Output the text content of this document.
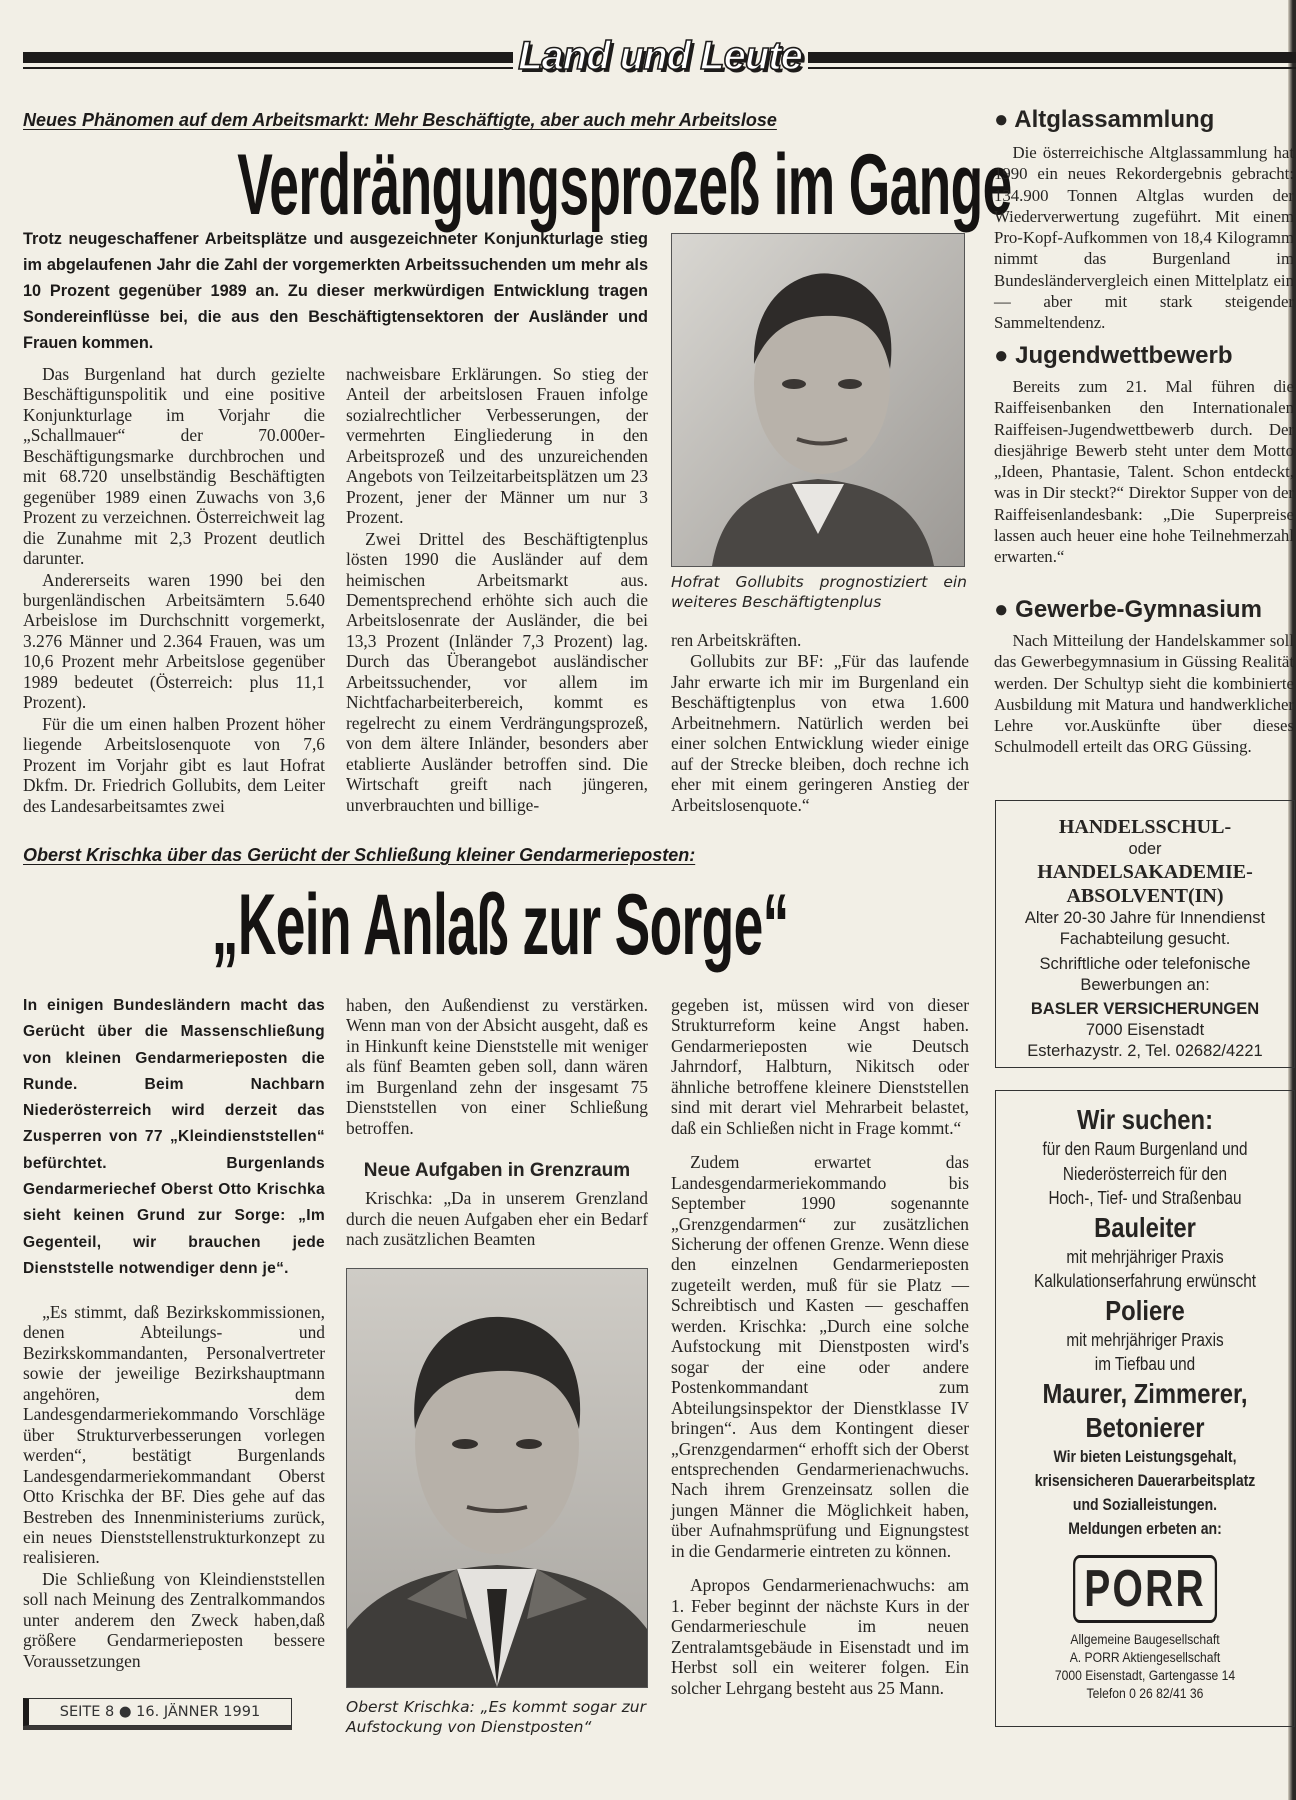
Land und Leute
Neues Phänomen auf dem Arbeitsmarkt: Mehr Beschäftigte, aber auch mehr Arbeitslose
Verdrängungsprozeß im Gange
Trotz neugeschaffener Arbeitsplätze und ausgezeichneter Konjunkturlage stieg im abgelaufenen Jahr die Zahl der vorgemerkten Arbeitssuchenden um mehr als 10 Prozent gegenüber 1989 an. Zu dieser merkwürdigen Entwicklung tragen Sondereinflüsse bei, die aus den Beschäftigtensektoren der Ausländer und Frauen kommen.

Das Burgenland hat durch gezielte Beschäftigunspolitik und eine positive Konjunkturlage im Vorjahr die „Schallmauer“ der 70.000er-Beschäftigungsmarke durchbrochen und mit 68.720 unselbständig Beschäftigten gegenüber 1989 einen Zuwachs von 3,6 Prozent zu verzeichnen. Österreichweit lag die Zunahme mit 2,3 Prozent deutlich darunter.

Andererseits waren 1990 bei den burgenländischen Arbeitsämtern 5.640 Arbeislose im Durchschnitt vorgemerkt, 3.276 Männer und 2.364 Frauen, was um 10,6 Prozent mehr Arbeitslose gegenüber 1989 bedeutet (Österreich: plus 11,1 Prozent).

Für die um einen halben Prozent höher liegende Arbeitslosenquote von 7,6 Prozent im Vorjahr gibt es laut Hofrat Dkfm. Dr. Friedrich Gollubits, dem Leiter des Landesarbeitsamtes zwei

nachweisbare Erklärungen. So stieg der Anteil der arbeitslosen Frauen infolge sozialrechtlicher Verbesserungen, der vermehrten Eingliederung in den Arbeitsprozeß und des unzureichenden Angebots von Teilzeitarbeitsplätzen um 23 Prozent, jener der Männer um nur 3 Prozent.

Zwei Drittel des Beschäftigtenplus lösten 1990 die Ausländer auf dem heimischen Arbeitsmarkt aus. Dementsprechend erhöhte sich auch die Arbeitslosenrate der Ausländer, die bei 13,3 Prozent (Inländer 7,3 Prozent) lag. Durch das Überangebot ausländischer Arbeitssuchender, vor allem im Nichtfacharbeiterbereich, kommt es regelrecht zu einem Verdrängungsprozeß, von dem ältere Inländer, besonders aber etablierte Ausländer betroffen sind. Die Wirtschaft greift nach jüngeren, unverbrauchten und billige-

Hofrat Gollubits prognostiziert ein weiteres Beschäftigtenplus

ren Arbeitskräften.

Gollubits zur BF: „Für das laufende Jahr erwarte ich mir im Burgenland ein Beschäftigtenplus von etwa 1.600 Arbeitnehmern. Natürlich werden bei einer solchen Entwicklung wieder einige auf der Strecke bleiben, doch rechne ich eher mit einem geringeren Anstieg der Arbeitslosenquote.“

● Altglassammlung

Die österreichische Altglassammlung hat 1990 ein neues Rekordergebnis gebracht: 134.900 Tonnen Altglas wurden der Wiederverwertung zugeführt. Mit einem Pro-Kopf-Aufkommen von 18,4 Kilogramm nimmt das Burgenland im Bundesländervergleich einen Mittelplatz ein — aber mit stark steigender Sammeltendenz.

● Jugendwettbewerb

Bereits zum 21. Mal führen die Raiffeisenbanken den Internationalen Raiffeisen-Jugendwettbewerb durch. Der diesjährige Bewerb steht unter dem Motto „Ideen, Phantasie, Talent. Schon entdeckt, was in Dir steckt?“ Direktor Supper von der Raiffeisenlandesbank: „Die Superpreise lassen auch heuer eine hohe Teilnehmerzahl erwarten.“

● Gewerbe-Gymnasium

Nach Mitteilung der Handelskammer soll das Gewerbegymnasium in Güssing Realität werden. Der Schultyp sieht die kombinierte Ausbildung mit Matura und handwerklicher Lehre vor.Auskünfte über dieses Schulmodell erteilt das ORG Güssing.

HANDELSSCHUL-
oder
HANDELSAKADEMIE-
ABSOLVENT(IN)
Alter 20-30 Jahre für Innendienst
Fachabteilung gesucht.
Schriftliche oder telefonische
Bewerbungen an:
BASLER VERSICHERUNGEN
7000 Eisenstadt
Esterhazystr. 2, Tel. 02682/4221
Wir suchen:
für den Raum Burgenland und
Niederösterreich für den
Hoch-, Tief- und Straßenbau
Bauleiter
mit mehrjähriger Praxis
Kalkulationserfahrung erwünscht
Poliere
mit mehrjähriger Praxis
im Tiefbau und
Maurer, Zimmerer,
Betonierer
Wir bieten Leistungsgehalt,
krisensicheren Dauerarbeitsplatz
und Sozialleistungen.
Meldungen erbeten an:
PORR
Allgemeine Baugesellschaft
A. PORR Aktiengesellschaft
7000 Eisenstadt, Gartengasse 14
Telefon 0 26 82/41 36
Oberst Krischka über das Gerücht der Schließung kleiner Gendarmerieposten:
„Kein Anlaß zur Sorge“
In einigen Bundesländern macht das Gerücht über die Massenschließung von kleinen Gendarmerieposten die Runde. Beim Nachbarn Niederösterreich wird derzeit das Zusperren von 77 „Kleindienststellen“ befürchtet. Burgenlands Gendarmeriechef Oberst Otto Krischka sieht keinen Grund zur Sorge: „Im Gegenteil, wir brauchen jede Dienststelle notwendiger denn je“.

„Es stimmt, daß Bezirkskommissionen, denen Abteilungs- und Bezirkskommandanten, Personalvertreter sowie der jeweilige Bezirkshauptmann angehören, dem Landesgendarmeriekommando Vorschläge über Strukturverbesserungen vorlegen werden“, bestätigt Burgenlands Landesgendarmeriekommandant Oberst Otto Krischka der BF. Dies gehe auf das Bestreben des Innenministeriums zurück, ein neues Dienststellenstrukturkonzept zu realisieren.

Die Schließung von Kleindienststellen soll nach Meinung des Zentralkommandos unter anderem den Zweck haben,daß größere Gendarmerieposten bessere Voraussetzungen

haben, den Außendienst zu verstärken. Wenn man von der Absicht ausgeht, daß es in Hinkunft keine Dienststelle mit weniger als fünf Beamten geben soll, dann wären im Burgenland zehn der insgesamt 75 Dienststellen von einer Schließung betroffen.

Neue Aufgaben in Grenzraum

Krischka: „Da in unserem Grenzland durch die neuen Aufgaben eher ein Bedarf nach zusätzlichen Beamten

Oberst Krischka: „Es kommt sogar zur Aufstockung von Dienstposten“

gegeben ist, müssen wird von dieser Strukturreform keine Angst haben. Gendarmerieposten wie Deutsch Jahrndorf, Halbturn, Nikitsch oder ähnliche betroffene kleinere Dienststellen sind mit derart viel Mehrarbeit belastet, daß ein Schließen nicht in Frage kommt.“

Zudem erwartet das Landesgendarmeriekommando bis September 1990 sogenannte „Grenzgendarmen“ zur zusätzlichen Sicherung der offenen Grenze. Wenn diese den einzelnen Gendarmerieposten zugeteilt werden, muß für sie Platz — Schreibtisch und Kasten — geschaffen werden. Krischka: „Durch eine solche Aufstockung mit Dienstposten wird's sogar der eine oder andere Postenkommandant zum Abteilungsinspektor der Dienstklasse IV bringen“. Aus dem Kontingent dieser „Grenzgendarmen“ erhofft sich der Oberst entsprechenden Gendarmerienachwuchs. Nach ihrem Grenzeinsatz sollen die jungen Männer die Möglichkeit haben, über Aufnahmsprüfung und Eignungstest in die Gendarmerie eintreten zu können.

Apropos Gendarmerienachwuchs: am 1. Feber beginnt der nächste Kurs in der Gendarmerieschule im neuen Zentralamtsgebäude in Eisenstadt und im Herbst soll ein weiterer folgen. Ein solcher Lehrgang besteht aus 25 Mann.

SEITE 8 ● 16. JÄNNER 1991
